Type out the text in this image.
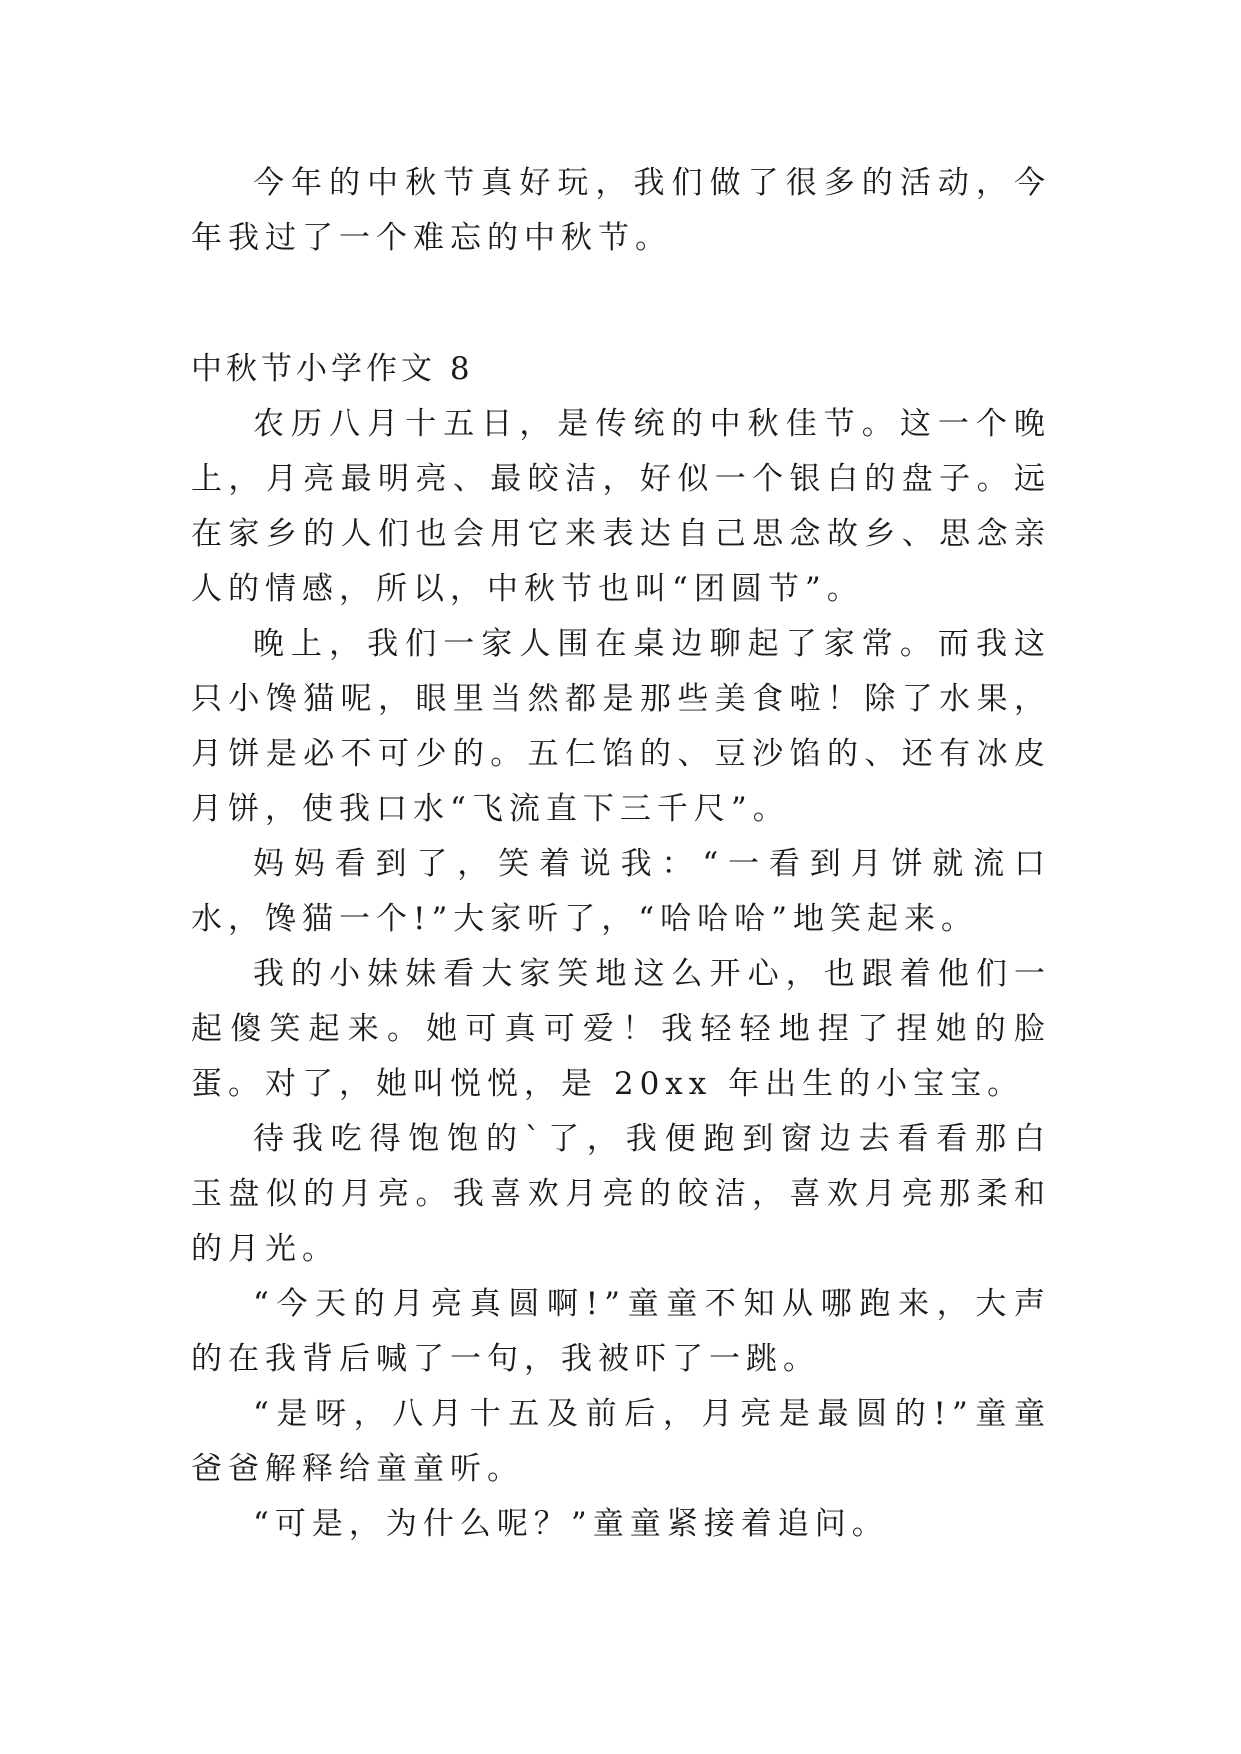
今年的中秋节真好玩，我们做了很多的活动，今年我过了一个难忘的中秋节。

中秋节小学作文 8

农历八月十五日，是传统的中秋佳节。这一个晚上，月亮最明亮、最皎洁，好似一个银白的盘子。远在家乡的人们也会用它来表达自己思念故乡、思念亲人的情感，所以，中秋节也叫“团圆节”。

晚上，我们一家人围在桌边聊起了家常。而我这只小馋猫呢，眼里当然都是那些美食啦！除了水果，月饼是必不可少的。五仁馅的、豆沙馅的、还有冰皮月饼，使我口水“飞流直下三千尺”。

妈妈看到了，笑着说我：“一看到月饼就流口水，馋猫一个!”大家听了，“哈哈哈”地笑起来。

我的小妹妹看大家笑地这么开心，也跟着他们一起傻笑起来。她可真可爱！我轻轻地捏了捏她的脸蛋。对了，她叫悦悦，是 20xx 年出生的小宝宝。

待我吃得饱饱的`了，我便跑到窗边去看看那白玉盘似的月亮。我喜欢月亮的皎洁，喜欢月亮那柔和的月光。

“今天的月亮真圆啊!”童童不知从哪跑来，大声的在我背后喊了一句，我被吓了一跳。

“是呀，八月十五及前后，月亮是最圆的!”童童爸爸解释给童童听。

“可是，为什么呢？”童童紧接着追问。
